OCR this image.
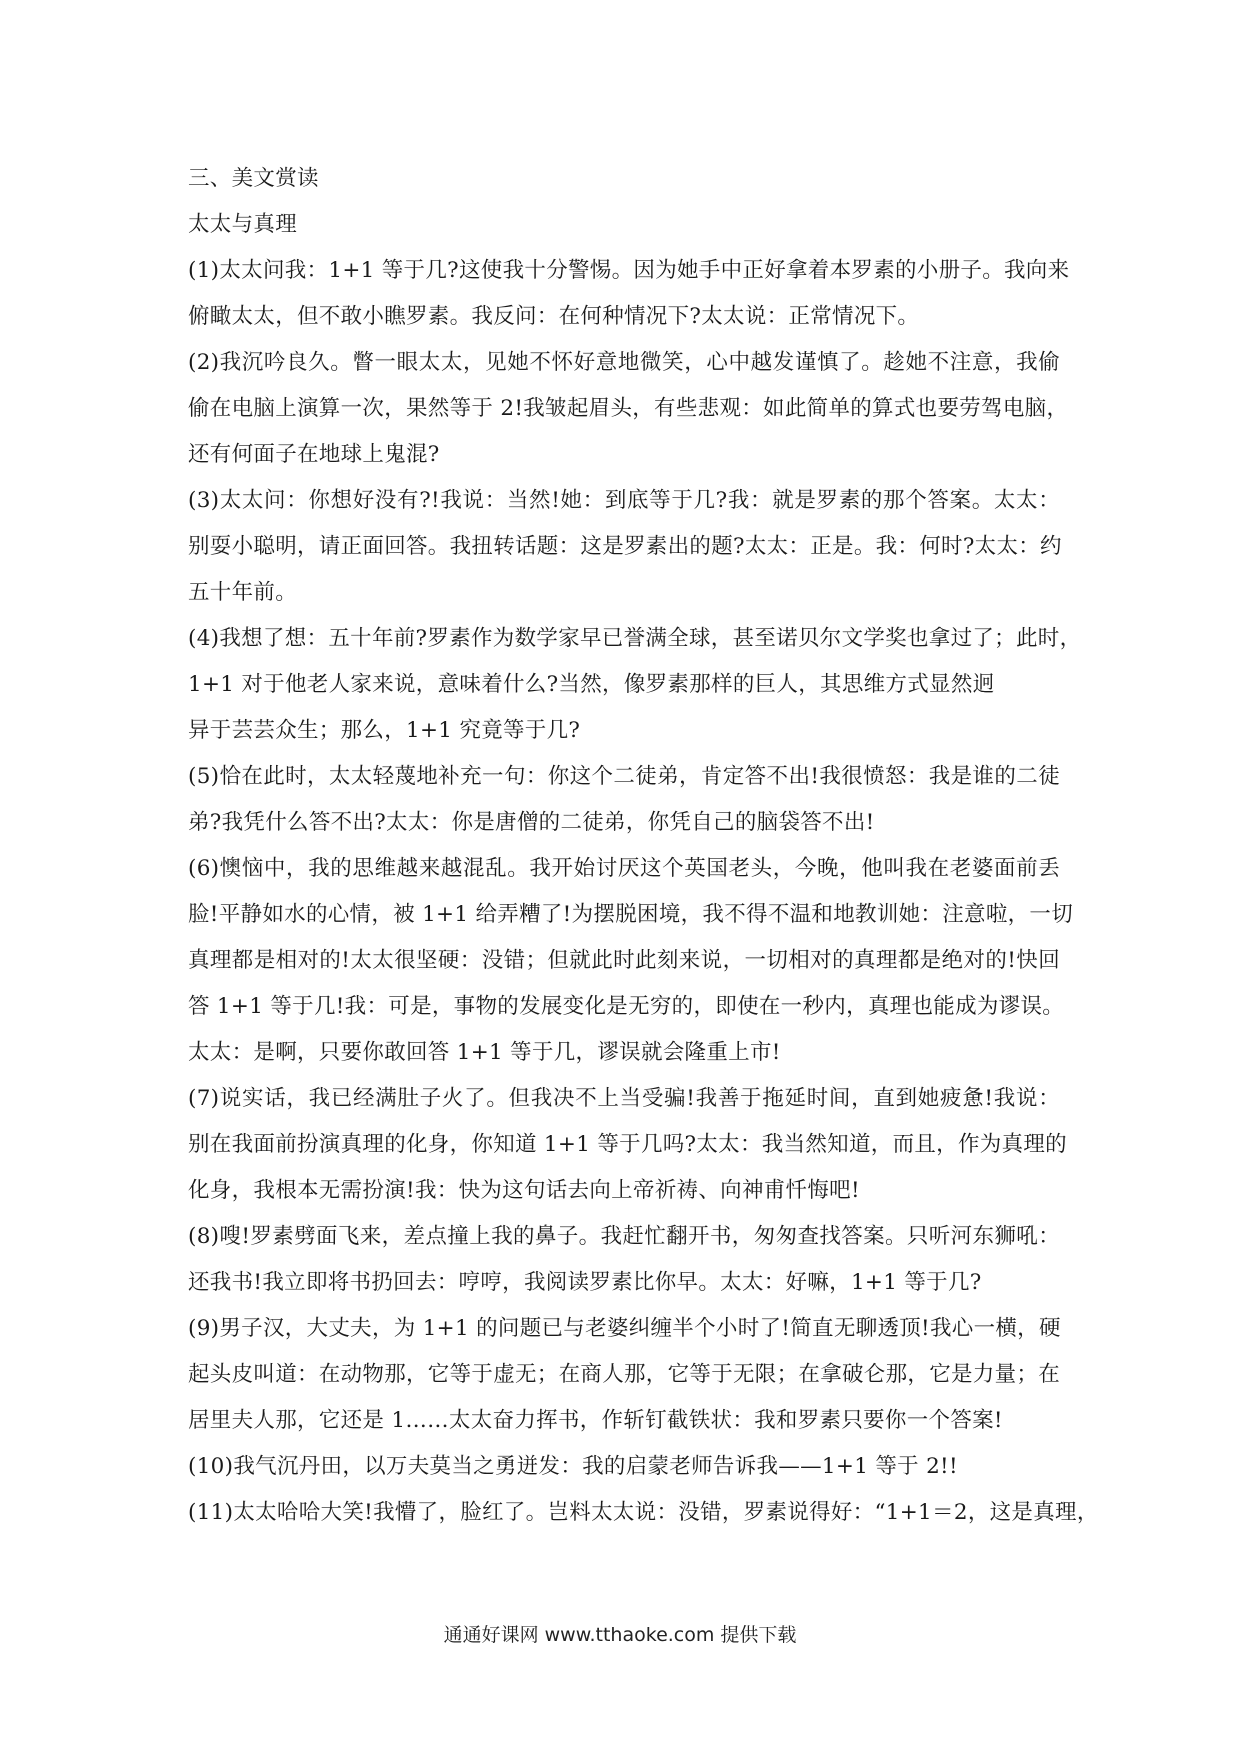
三、美文赏读
太太与真理
(1)太太问我：1+1 等于几?这使我十分警惕。因为她手中正好拿着本罗素的小册子。我向来
俯瞰太太，但不敢小瞧罗素。我反问：在何种情况下?太太说：正常情况下。
(2)我沉吟良久。瞥一眼太太，见她不怀好意地微笑，心中越发谨慎了。趁她不注意，我偷
偷在电脑上演算一次，果然等于 2!我皱起眉头，有些悲观：如此简单的算式也要劳驾电脑，
还有何面子在地球上鬼混?
(3)太太问：你想好没有?!我说：当然!她：到底等于几?我：就是罗素的那个答案。太太：
别耍小聪明，请正面回答。我扭转话题：这是罗素出的题?太太：正是。我：何时?太太：约
五十年前。
(4)我想了想：五十年前?罗素作为数学家早已誉满全球，甚至诺贝尔文学奖也拿过了；此时，
1+1 对于他老人家来说，意味着什么?当然，像罗素那样的巨人，其思维方式显然迥
异于芸芸众生；那么，1+1 究竟等于几?
(5)恰在此时，太太轻蔑地补充一句：你这个二徒弟，肯定答不出!我很愤怒：我是谁的二徒
弟?我凭什么答不出?太太：你是唐僧的二徒弟，你凭自己的脑袋答不出!
(6)懊恼中，我的思维越来越混乱。我开始讨厌这个英国老头，今晚，他叫我在老婆面前丢
脸!平静如水的心情，被 1+1 给弄糟了!为摆脱困境，我不得不温和地教训她：注意啦，一切
真理都是相对的!太太很坚硬：没错；但就此时此刻来说，一切相对的真理都是绝对的!快回
答 1+1 等于几!我：可是，事物的发展变化是无穷的，即使在一秒内，真理也能成为谬误。
太太：是啊，只要你敢回答 1+1 等于几，谬误就会隆重上市!
(7)说实话，我已经满肚子火了。但我决不上当受骗!我善于拖延时间，直到她疲惫!我说：
别在我面前扮演真理的化身，你知道 1+1 等于几吗?太太：我当然知道，而且，作为真理的
化身，我根本无需扮演!我：快为这句话去向上帝祈祷、向神甫忏悔吧!
(8)嗖!罗素劈面飞来，差点撞上我的鼻子。我赶忙翻开书，匆匆查找答案。只听河东狮吼：
还我书!我立即将书扔回去：哼哼，我阅读罗素比你早。太太：好嘛，1+1 等于几?
(9)男子汉，大丈夫，为 1+1 的问题已与老婆纠缠半个小时了!简直无聊透顶!我心一横，硬
起头皮叫道：在动物那，它等于虚无；在商人那，它等于无限；在拿破仑那，它是力量；在
居里夫人那，它还是 1……太太奋力挥书，作斩钉截铁状：我和罗素只要你一个答案!
(10)我气沉丹田，以万夫莫当之勇迸发：我的启蒙老师告诉我——1+1 等于 2!!
(11)太太哈哈大笑!我懵了，脸红了。岂料太太说：没错，罗素说得好：“1+1＝2，这是真理，
通通好课网 www.tthaoke.com 提供下载
